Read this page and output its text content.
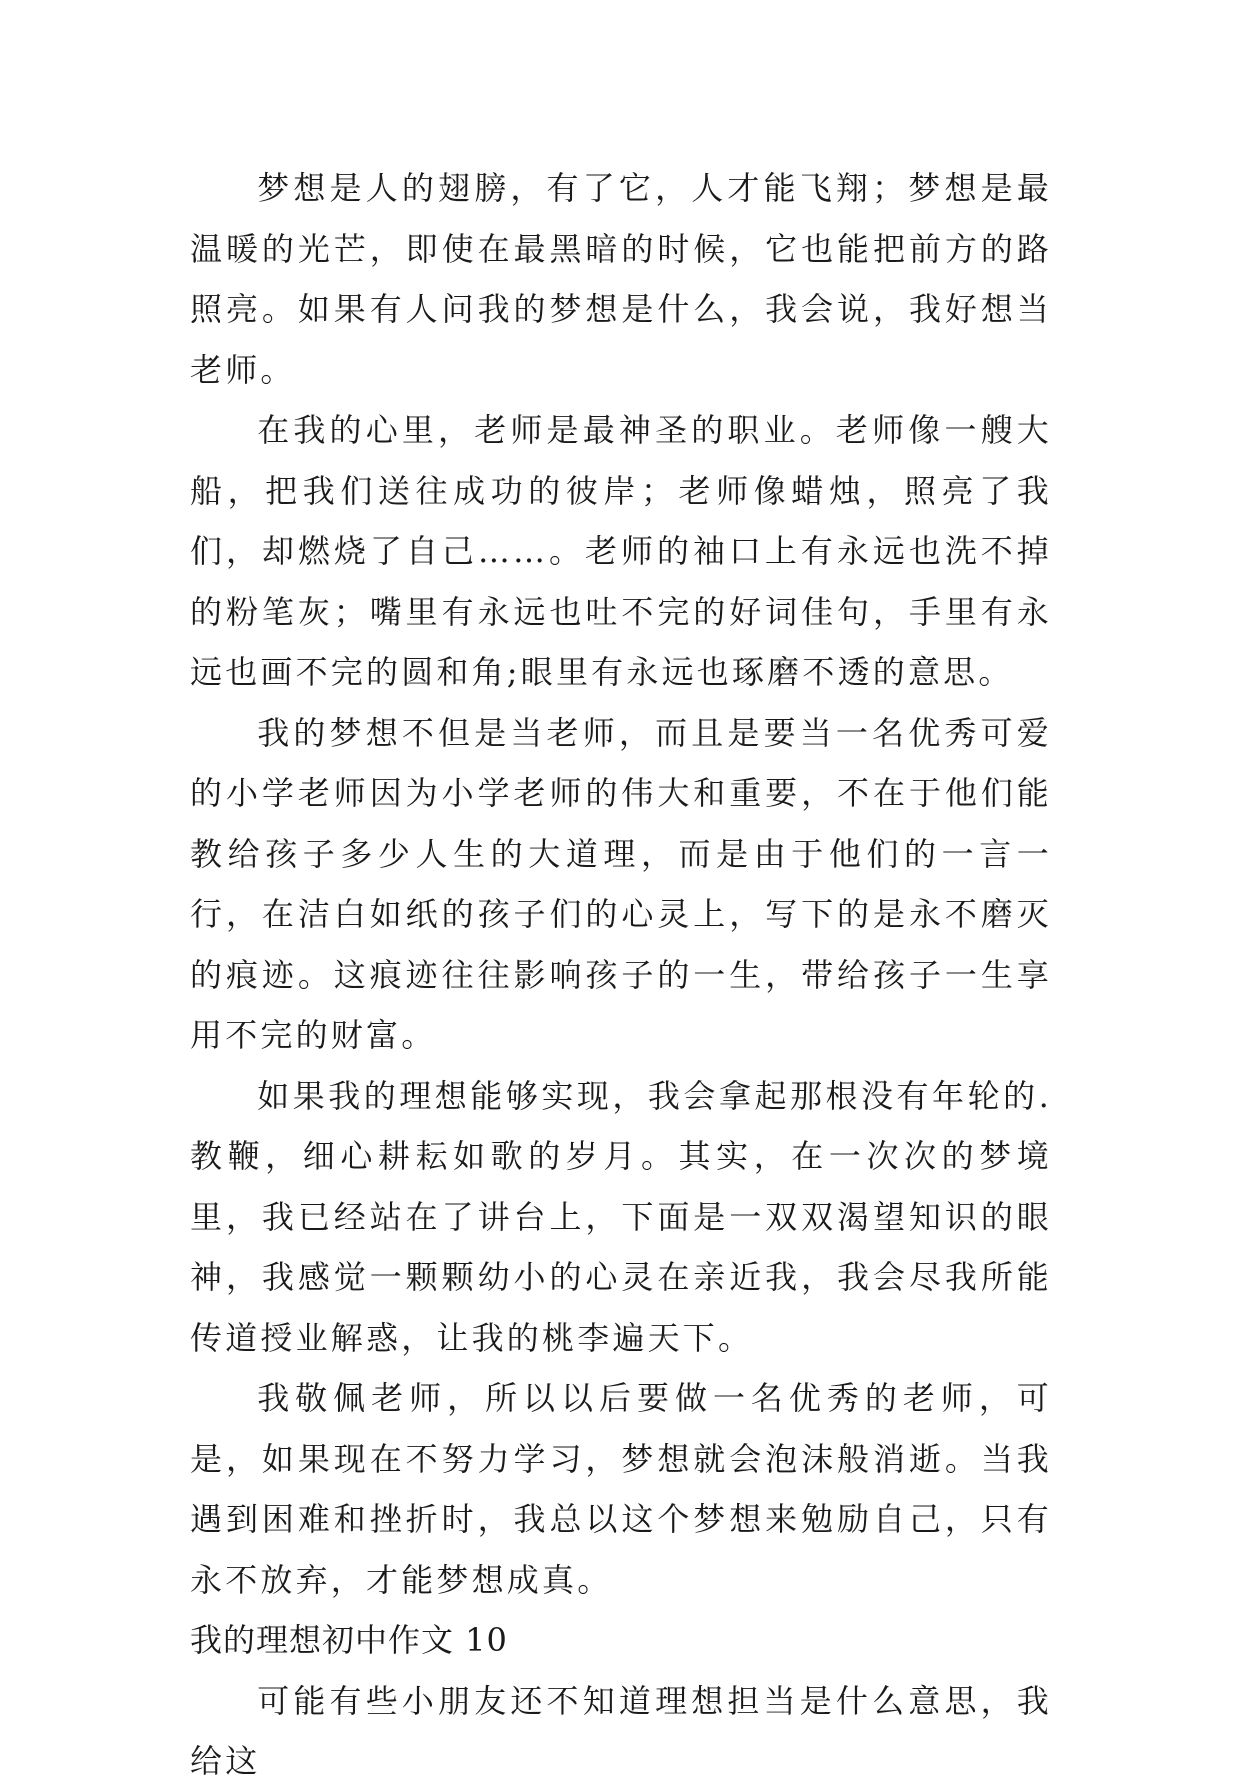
梦想是人的翅膀，有了它，人才能飞翔；梦想是最温暖的光芒，即使在最黑暗的时候，它也能把前方的路照亮。如果有人问我的梦想是什么，我会说，我好想当老师。

在我的心里，老师是最神圣的职业。老师像一艘大船，把我们送往成功的彼岸；老师像蜡烛，照亮了我们，却燃烧了自己……。老师的袖口上有永远也洗不掉的粉笔灰；嘴里有永远也吐不完的好词佳句，手里有永远也画不完的圆和角;眼里有永远也琢磨不透的意思。

我的梦想不但是当老师，而且是要当一名优秀可爱的小学老师因为小学老师的伟大和重要，不在于他们能教给孩子多少人生的大道理，而是由于他们的一言一行，在洁白如纸的孩子们的心灵上，写下的是永不磨灭的痕迹。这痕迹往往影响孩子的一生，带给孩子一生享用不完的财富。

如果我的理想能够实现，我会拿起那根没有年轮的.教鞭，细心耕耘如歌的岁月。其实，在一次次的梦境里，我已经站在了讲台上，下面是一双双渴望知识的眼神，我感觉一颗颗幼小的心灵在亲近我，我会尽我所能传道授业解惑，让我的桃李遍天下。

我敬佩老师，所以以后要做一名优秀的老师，可是，如果现在不努力学习，梦想就会泡沫般消逝。当我遇到困难和挫折时，我总以这个梦想来勉励自己，只有永不放弃，才能梦想成真。

我的理想初中作文 10

可能有些小朋友还不知道理想担当是什么意思，我给这
